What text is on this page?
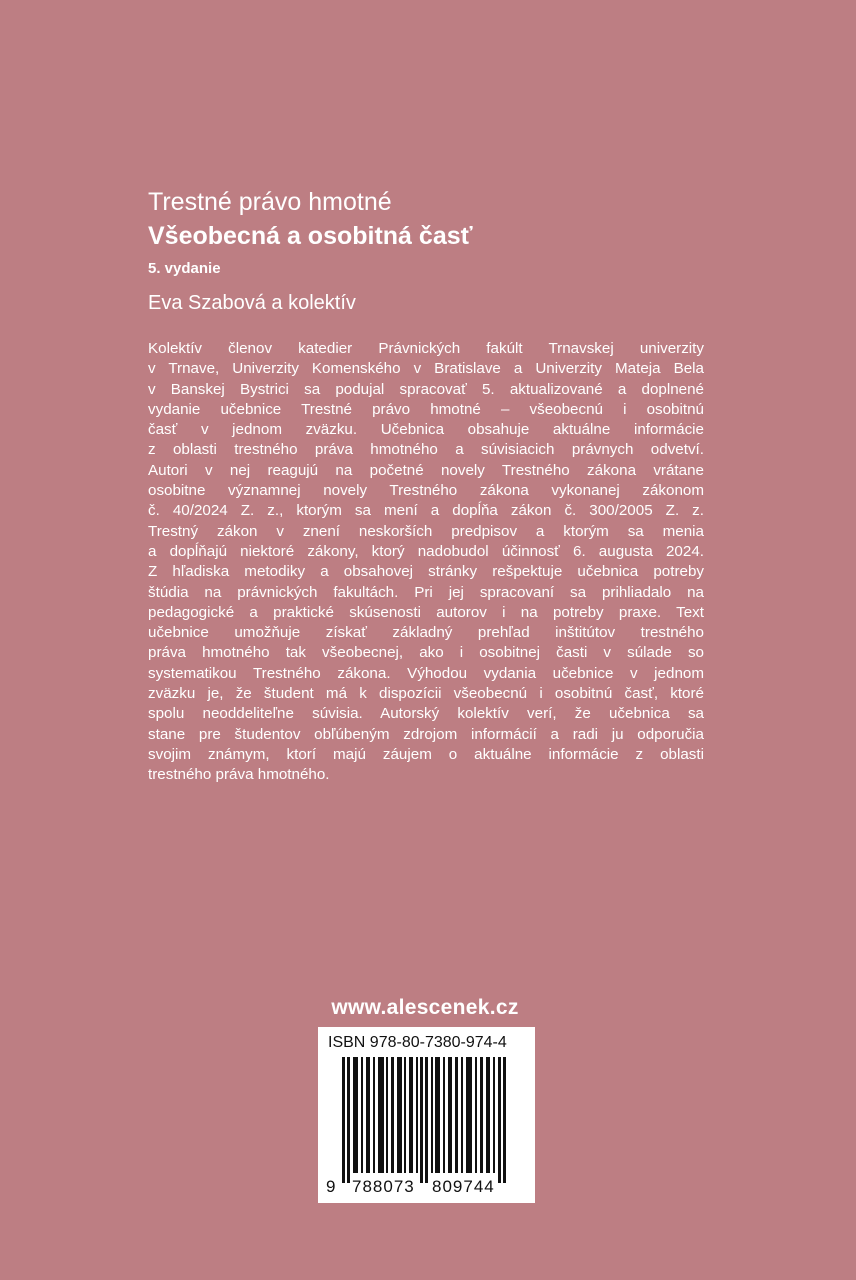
Trestné právo hmotné
Všeobecná a osobitná časť
5. vydanie
Eva Szabová a kolektív
Kolektív členov katedier Právnických fakúlt Trnavskej univerzity
v Trnave, Univerzity Komenského v Bratislave a Univerzity Mateja Bela
v Banskej Bystrici sa podujal spracovať 5. aktualizované a doplnené
vydanie učebnice Trestné právo hmotné – všeobecnú i osobitnú
časť v jednom zväzku. Učebnica obsahuje aktuálne informácie
z oblasti trestného práva hmotného a súvisiacich právnych odvetví.
Autori v nej reagujú na početné novely Trestného zákona vrátane
osobitne významnej novely Trestného zákona vykonanej zákonom
č. 40/2024 Z. z., ktorým sa mení a dopĺňa zákon č. 300/2005 Z. z.
Trestný zákon v znení neskorších predpisov a ktorým sa menia
a dopĺňajú niektoré zákony, ktorý nadobudol účinnosť 6. augusta 2024.
Z hľadiska metodiky a obsahovej stránky rešpektuje učebnica potreby
štúdia na právnických fakultách. Pri jej spracovaní sa prihliadalo na
pedagogické a praktické skúsenosti autorov i na potreby praxe. Text
učebnice umožňuje získať základný prehľad inštitútov trestného
práva hmotného tak všeobecnej, ako i osobitnej časti v súlade so
systematikou Trestného zákona. Výhodou vydania učebnice v jednom
zväzku je, že študent má k dispozícii všeobecnú i osobitnú časť, ktoré
spolu neoddeliteľne súvisia. Autorský kolektív verí, že učebnica sa
stane pre študentov obľúbeným zdrojom informácií a radi ju odporučia
svojim známym, ktorí majú záujem o aktuálne informácie z oblasti
trestného práva hmotného.
www.alescenek.cz
ISBN 978-80-7380-974-4
9 788073 809744
